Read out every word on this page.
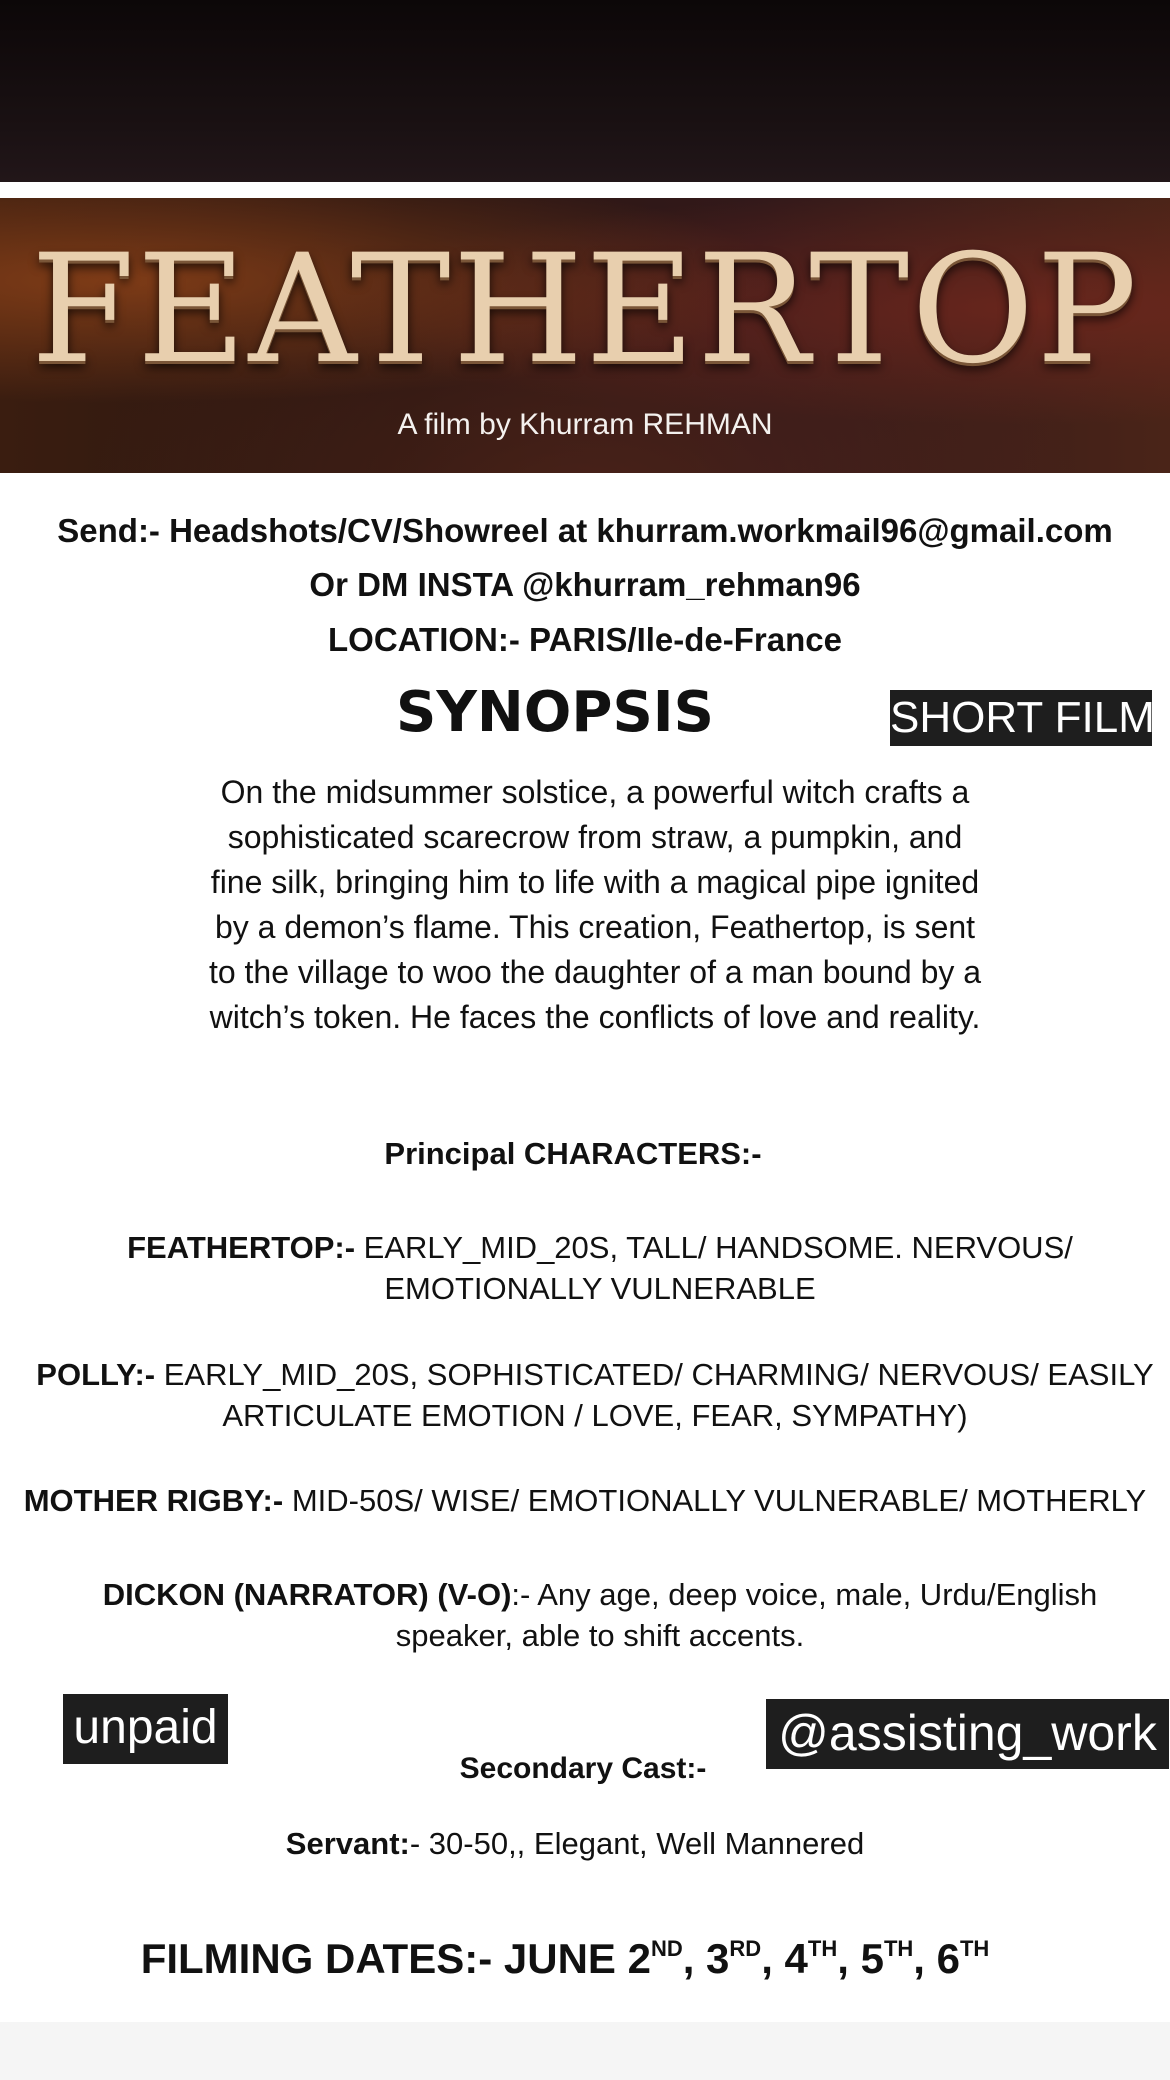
FEATHERTOP
A film by Khurram REHMAN
Send:- Headshots/CV/Showreel at khurram.workmail96@gmail.com
Or DM INSTA @khurram_rehman96
LOCATION:- PARIS/Ile-de-France
SYNOPSIS	SHORT FILM
On the midsummer solstice, a powerful witch crafts a sophisticated scarecrow from straw, a pumpkin, and fine silk, bringing him to life with a magical pipe ignited by a demon’s flame. This creation, Feathertop, is sent to the village to woo the daughter of a man bound by a witch’s token. He faces the conflicts of love and reality.
Principal CHARACTERS:-
FEATHERTOP:- EARLY_MID_20S, TALL/ HANDSOME. NERVOUS/ EMOTIONALLY VULNERABLE
POLLY:- EARLY_MID_20S, SOPHISTICATED/ CHARMING/ NERVOUS/ EASILY ARTICULATE EMOTION / LOVE, FEAR, SYMPATHY)
MOTHER RIGBY:- MID-50S/ WISE/ EMOTIONALLY VULNERABLE/ MOTHERLY
DICKON (NARRATOR) (V-O):- Any age, deep voice, male, Urdu/English speaker, able to shift accents.
unpaid	@assisting_work
Secondary Cast:-
Servant:- 30-50,, Elegant, Well Mannered
FILMING DATES:- JUNE 2ND, 3RD, 4TH, 5TH, 6TH
